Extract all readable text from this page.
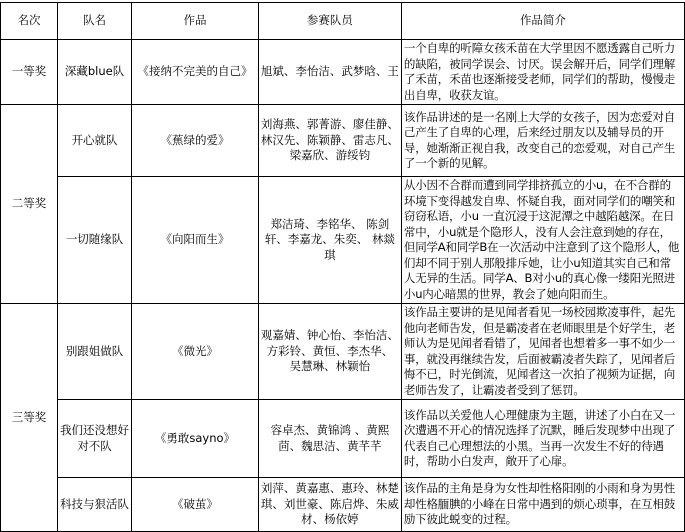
名次	队名	作品	参赛队员	作品简介
一等奖	深藏blue队	《接纳不完美的自己》	旭斌、李怡洁、武梦晗、王	一个自卑的听障女孩禾苗在大学里因不愿透露自己听力的缺陷，被同学误会、讨厌。误会解开后，同学们理解了禾苗，禾苗也逐渐接受老师，同学们的帮助，慢慢走出自卑，收获友谊。
二等奖	开心就队	《蕉绿的爱》	刘海燕、郭菁游、廖佳静、林汉先、陈颖静、雷志凡、 梁嘉欣、游绥钧	该作品讲述的是一名刚上大学的女孩子，因为恋爱对自己产生了自卑的心理，后来经过朋友以及辅导员的开导，她渐渐正视自我，改变自己的恋爱观，对自己产生了一个新的见解。
	一切随缘队	《向阳而生》	郑洁琦、李铭华、 陈剑轩、李嘉龙、朱奕、 林燚琪	从小因不合群而遭到同学排挤孤立的小u，在不合群的环境下变得越发自卑、怀疑自我，面对同学们的嘲笑和窃窃私语，小u 一直沉浸于这泥潭之中越陷越深。在日常中，小u就是个隐形人，没有人会注意到她的存在，但同学A和同学B在一次活动中注意到了这个隐形人，他们却不同于别人那般排斥她，让小u知道其实自己和常人无异的生活。同学A、B对小u的真心像一缕阳光照进小u内心暗黑的世界，教会了她向阳而生。
三等奖	别跟姐做队	《微光》	观嘉婧、钟心怡、李怡洁、方彩铃、黄恒、李杰华、 吴慧琳、林颖怡	该作品主要讲的是见闻者看见一场校园欺凌事件，起先他向老师告发，但是霸凌者在老师眼里是个好学生，老师认为是见闻者看错了，见闻者也想着多一事不如少一事，就没再继续告发，后面被霸凌者失踪了，见闻者后悔不已，时光倒流，见闻者这一次拍了视频为证据，向老师告发了，让霸凌者受到了惩罚。
	我们还没想好对不队	《勇敢sayno》	容卓杰、黄锦鸿 、黄熙茴、魏思洁、黄芊芊	该作品以关爱他人心理健康为主题，讲述了小白在又一次遭遇不开心的情况选择了沉默，睡后发现梦中出现了代表自己心理想法的小黑。当再一次发生不好的待遇时，帮助小白发声，敞开了心扉。
	科技与狠活队	《破茧》	刘萍、黄嘉惠、惠玲、林楚琪、刘世豪、陈启烨、朱威材、杨依婷	该作品的主角是身为女性却性格阳刚的小雨和身为男性却性格腼腆的小峰在日常中遇到的烦心琐事，在互相鼓励下彼此蜕变的过程。
